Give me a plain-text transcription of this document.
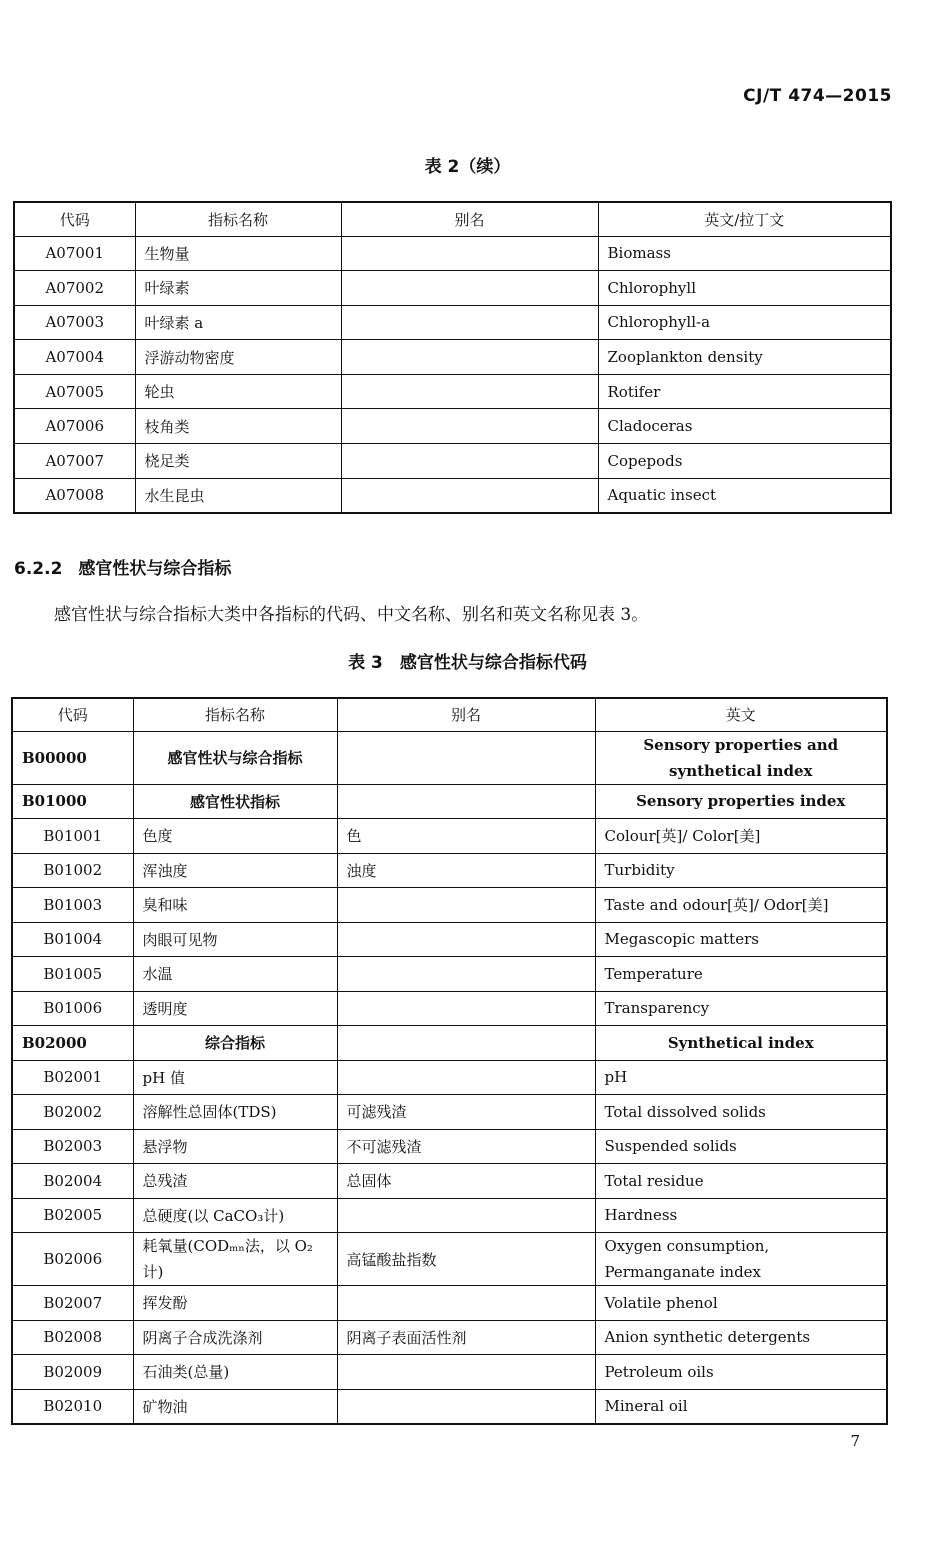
CJ/T 474—2015
表 2（续）
代码	指标名称	别名	英文/拉丁文
A07001	生物量		Biomass
A07002	叶绿素		Chlorophyll
A07003	叶绿素 a		Chlorophyll-a
A07004	浮游动物密度		Zooplankton density
A07005	轮虫		Rotifer
A07006	枝角类		Cladoceras
A07007	桡足类		Copepods
A07008	水生昆虫		Aquatic insect
6.2.2 感官性状与综合指标
感官性状与综合指标大类中各指标的代码、中文名称、别名和英文名称见表 3。
表 3　感官性状与综合指标代码
代码	指标名称	别名	英文
B00000	感官性状与综合指标		Sensory properties and synthetical index
B01000	感官性状指标		Sensory properties index
B01001	色度	色	Colour[英]/ Color[美]
B01002	浑浊度	浊度	Turbidity
B01003	臭和味		Taste and odour[英]/ Odor[美]
B01004	肉眼可见物		Megascopic matters
B01005	水温		Temperature
B01006	透明度		Transparency
B02000	综合指标		Synthetical index
B02001	pH 值		pH
B02002	溶解性总固体(TDS)	可滤残渣	Total dissolved solids
B02003	悬浮物	不可滤残渣	Suspended solids
B02004	总残渣	总固体	Total residue
B02005	总硬度(以 CaCO₃计)		Hardness
B02006	耗氧量(CODₘₙ法，以 O₂计)	高锰酸盐指数	Oxygen consumption, Permanganate index
B02007	挥发酚		Volatile phenol
B02008	阴离子合成洗涤剂	阴离子表面活性剂	Anion synthetic detergents
B02009	石油类(总量)		Petroleum oils
B02010	矿物油		Mineral oil
7
